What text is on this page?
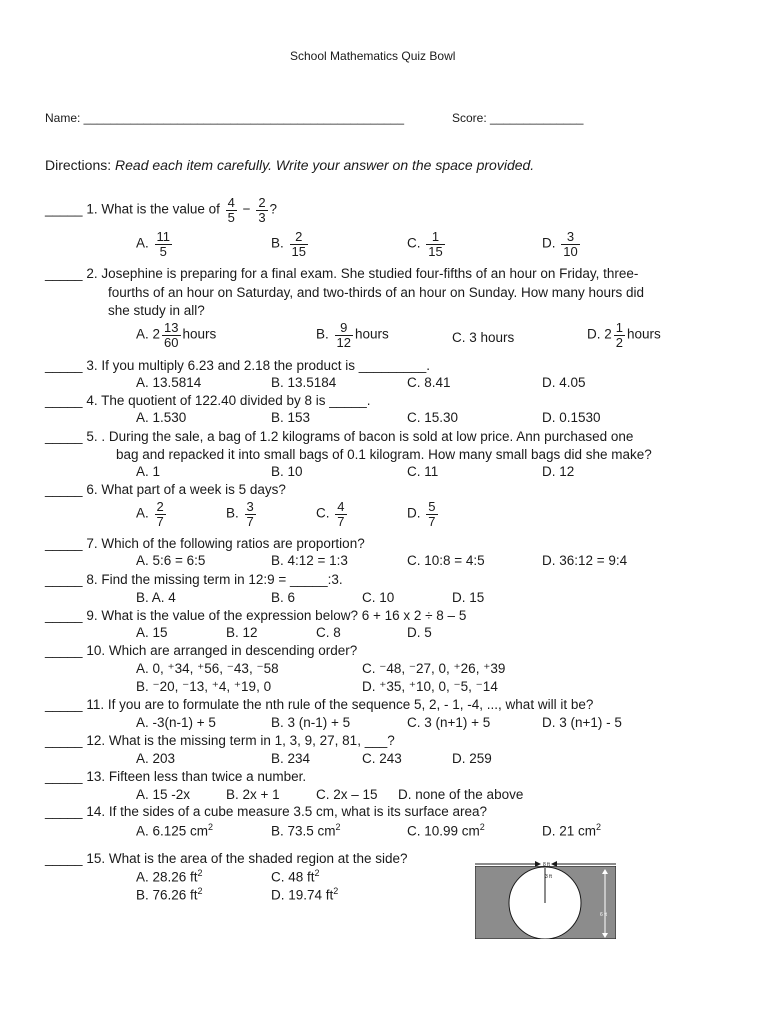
School Mathematics Quiz Bowl
Name: ________________________________________________	Score: ______________
Directions: Read each item carefully. Write your answer on the space provided.
_____ 1. What is the value of $\frac{4}{5} - \frac{2}{3}$ ?
A. $\frac{11}{5}$	B. $\frac{2}{15}$	C. $\frac{1}{15}$	D. $\frac{3}{10}$
_____ 2. Josephine is preparing for a final exam. She studied four-fifths of an hour on Friday, three-
fourths of an hour on Saturday, and two-thirds of an hour on Sunday. How many hours did
she study in all?
A. $2 \frac{13}{60}$ hours	B. $\frac{9}{12}$ hours	C. 3 hours	D. $2 \frac{1}{2}$ hours
_____ 3. If you multiply 6.23 and 2.18 the product is _________.
A. 13.5814	B. 13.5184	C. 8.41	D. 4.05
_____ 4. The quotient of 122.40 divided by 8 is _____.
A. 1.530	B. 153	C. 15.30	D. 0.1530
_____ 5. . During the sale, a bag of 1.2 kilograms of bacon is sold at low price. Ann purchased one
bag and repacked it into small bags of 0.1 kilogram. How many small bags did she make?
A. 1	B. 10	C. 11	D. 12
_____ 6. What part of a week is 5 days?
A. $\frac{2}{7}$	B. $\frac{3}{7}$	C. $\frac{4}{7}$	D. $\frac{5}{7}$
_____ 7. Which of the following ratios are proportion?
A. 5:6 = 6:5	B. 4:12 = 1:3	C. 10:8 = 4:5	D. 36:12 = 9:4
_____ 8. Find the missing term in 12:9 = _____:3.
B. A. 4	B. 6	C. 10	D. 15
_____ 9. What is the value of the expression below? 6 + 16 x 2 ÷ 8 – 5
A. 15	B. 12	C. 8	D. 5
_____ 10. Which are arranged in descending order?
A. 0, ⁺34, ⁺56, ⁻43, ⁻58	C. ⁻48, ⁻27, 0, ⁺26, ⁺39
B. ⁻20, ⁻13, ⁺4, ⁺19, 0	D. ⁺35, ⁺10, 0, ⁻5, ⁻14
_____ 11. If you are to formulate the nth rule of the sequence 5, 2, - 1, -4, ..., what will it be?
A. -3(n-1) + 5	B. 3 (n-1) + 5	C. 3 (n+1) + 5	D. 3 (n+1) - 5
_____ 12. What is the missing term in 1, 3, 9, 27, 81, ___?
A. 203	B. 234	C. 243	D. 259
_____ 13. Fifteen less than twice a number.
A. 15 -2x	B. 2x + 1	C. 2x – 15 D. none of the above
_____ 14. If the sides of a cube measure 3.5 cm, what is its surface area?
A. 6.125 $cm^2$	B. 73.5 $cm^2$	C. 10.99 $cm^2$	D. 21 $cm^2$
_____ 15. What is the area of the shaded region at the side?
A. 28.26 $ft^2$	C. 48 $ft^2$
B. 76.26 $ft^2$	D. 19.74 $ft^2$
3 ft
6 ft
8 ft
